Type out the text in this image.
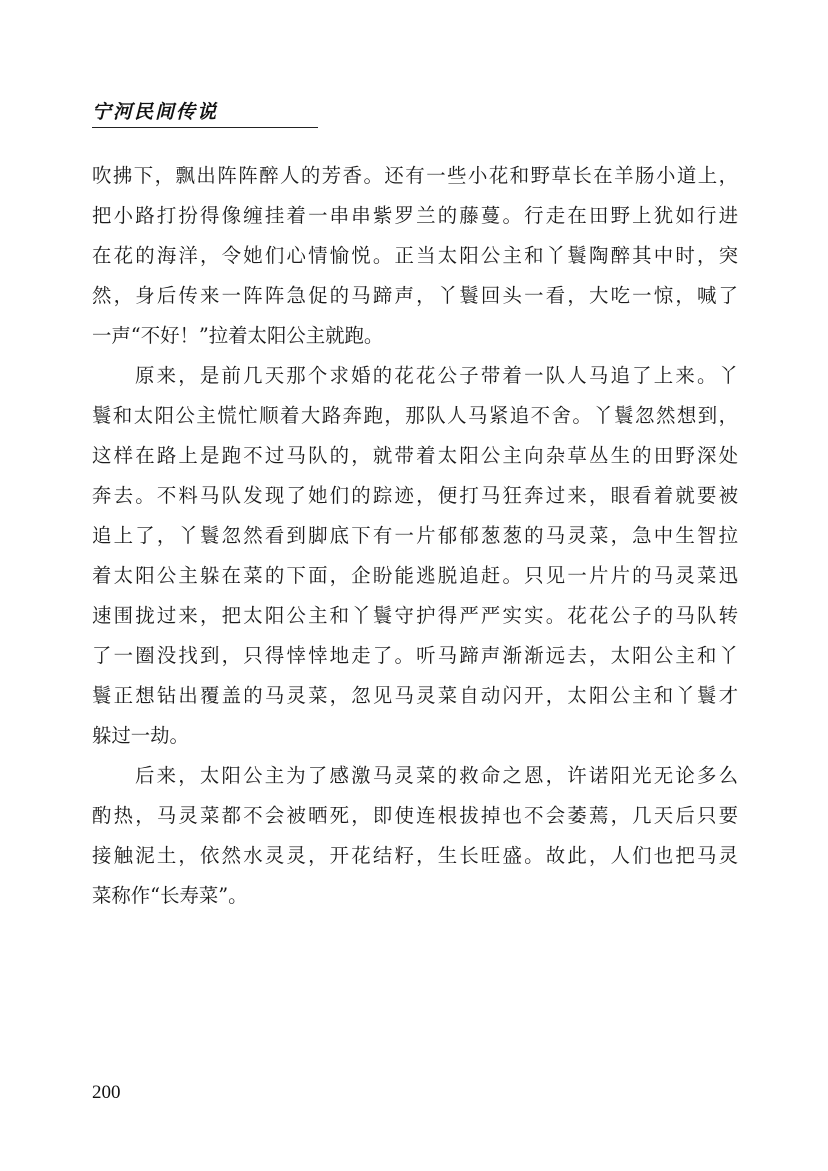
宁河民间传说
吹拂下，飘出阵阵醉人的芳香。还有一些小花和野草长在羊肠小道上，
把小路打扮得像缠挂着一串串紫罗兰的藤蔓。行走在田野上犹如行进
在花的海洋，令她们心情愉悦。正当太阳公主和丫鬟陶醉其中时，突
然，身后传来一阵阵急促的马蹄声，丫鬟回头一看，大吃一惊，喊了
一声“不好！”拉着太阳公主就跑。
原来，是前几天那个求婚的花花公子带着一队人马追了上来。丫
鬟和太阳公主慌忙顺着大路奔跑，那队人马紧追不舍。丫鬟忽然想到，
这样在路上是跑不过马队的，就带着太阳公主向杂草丛生的田野深处
奔去。不料马队发现了她们的踪迹，便打马狂奔过来，眼看着就要被
追上了，丫鬟忽然看到脚底下有一片郁郁葱葱的马灵菜，急中生智拉
着太阳公主躲在菜的下面，企盼能逃脱追赶。只见一片片的马灵菜迅
速围拢过来，把太阳公主和丫鬟守护得严严实实。花花公子的马队转
了一圈没找到，只得悻悻地走了。听马蹄声渐渐远去，太阳公主和丫
鬟正想钻出覆盖的马灵菜，忽见马灵菜自动闪开，太阳公主和丫鬟才
躲过一劫。
后来，太阳公主为了感激马灵菜的救命之恩，许诺阳光无论多么
酌热，马灵菜都不会被晒死，即使连根拔掉也不会萎蔫，几天后只要
接触泥土，依然水灵灵，开花结籽，生长旺盛。故此，人们也把马灵
菜称作“长寿菜”。
200
